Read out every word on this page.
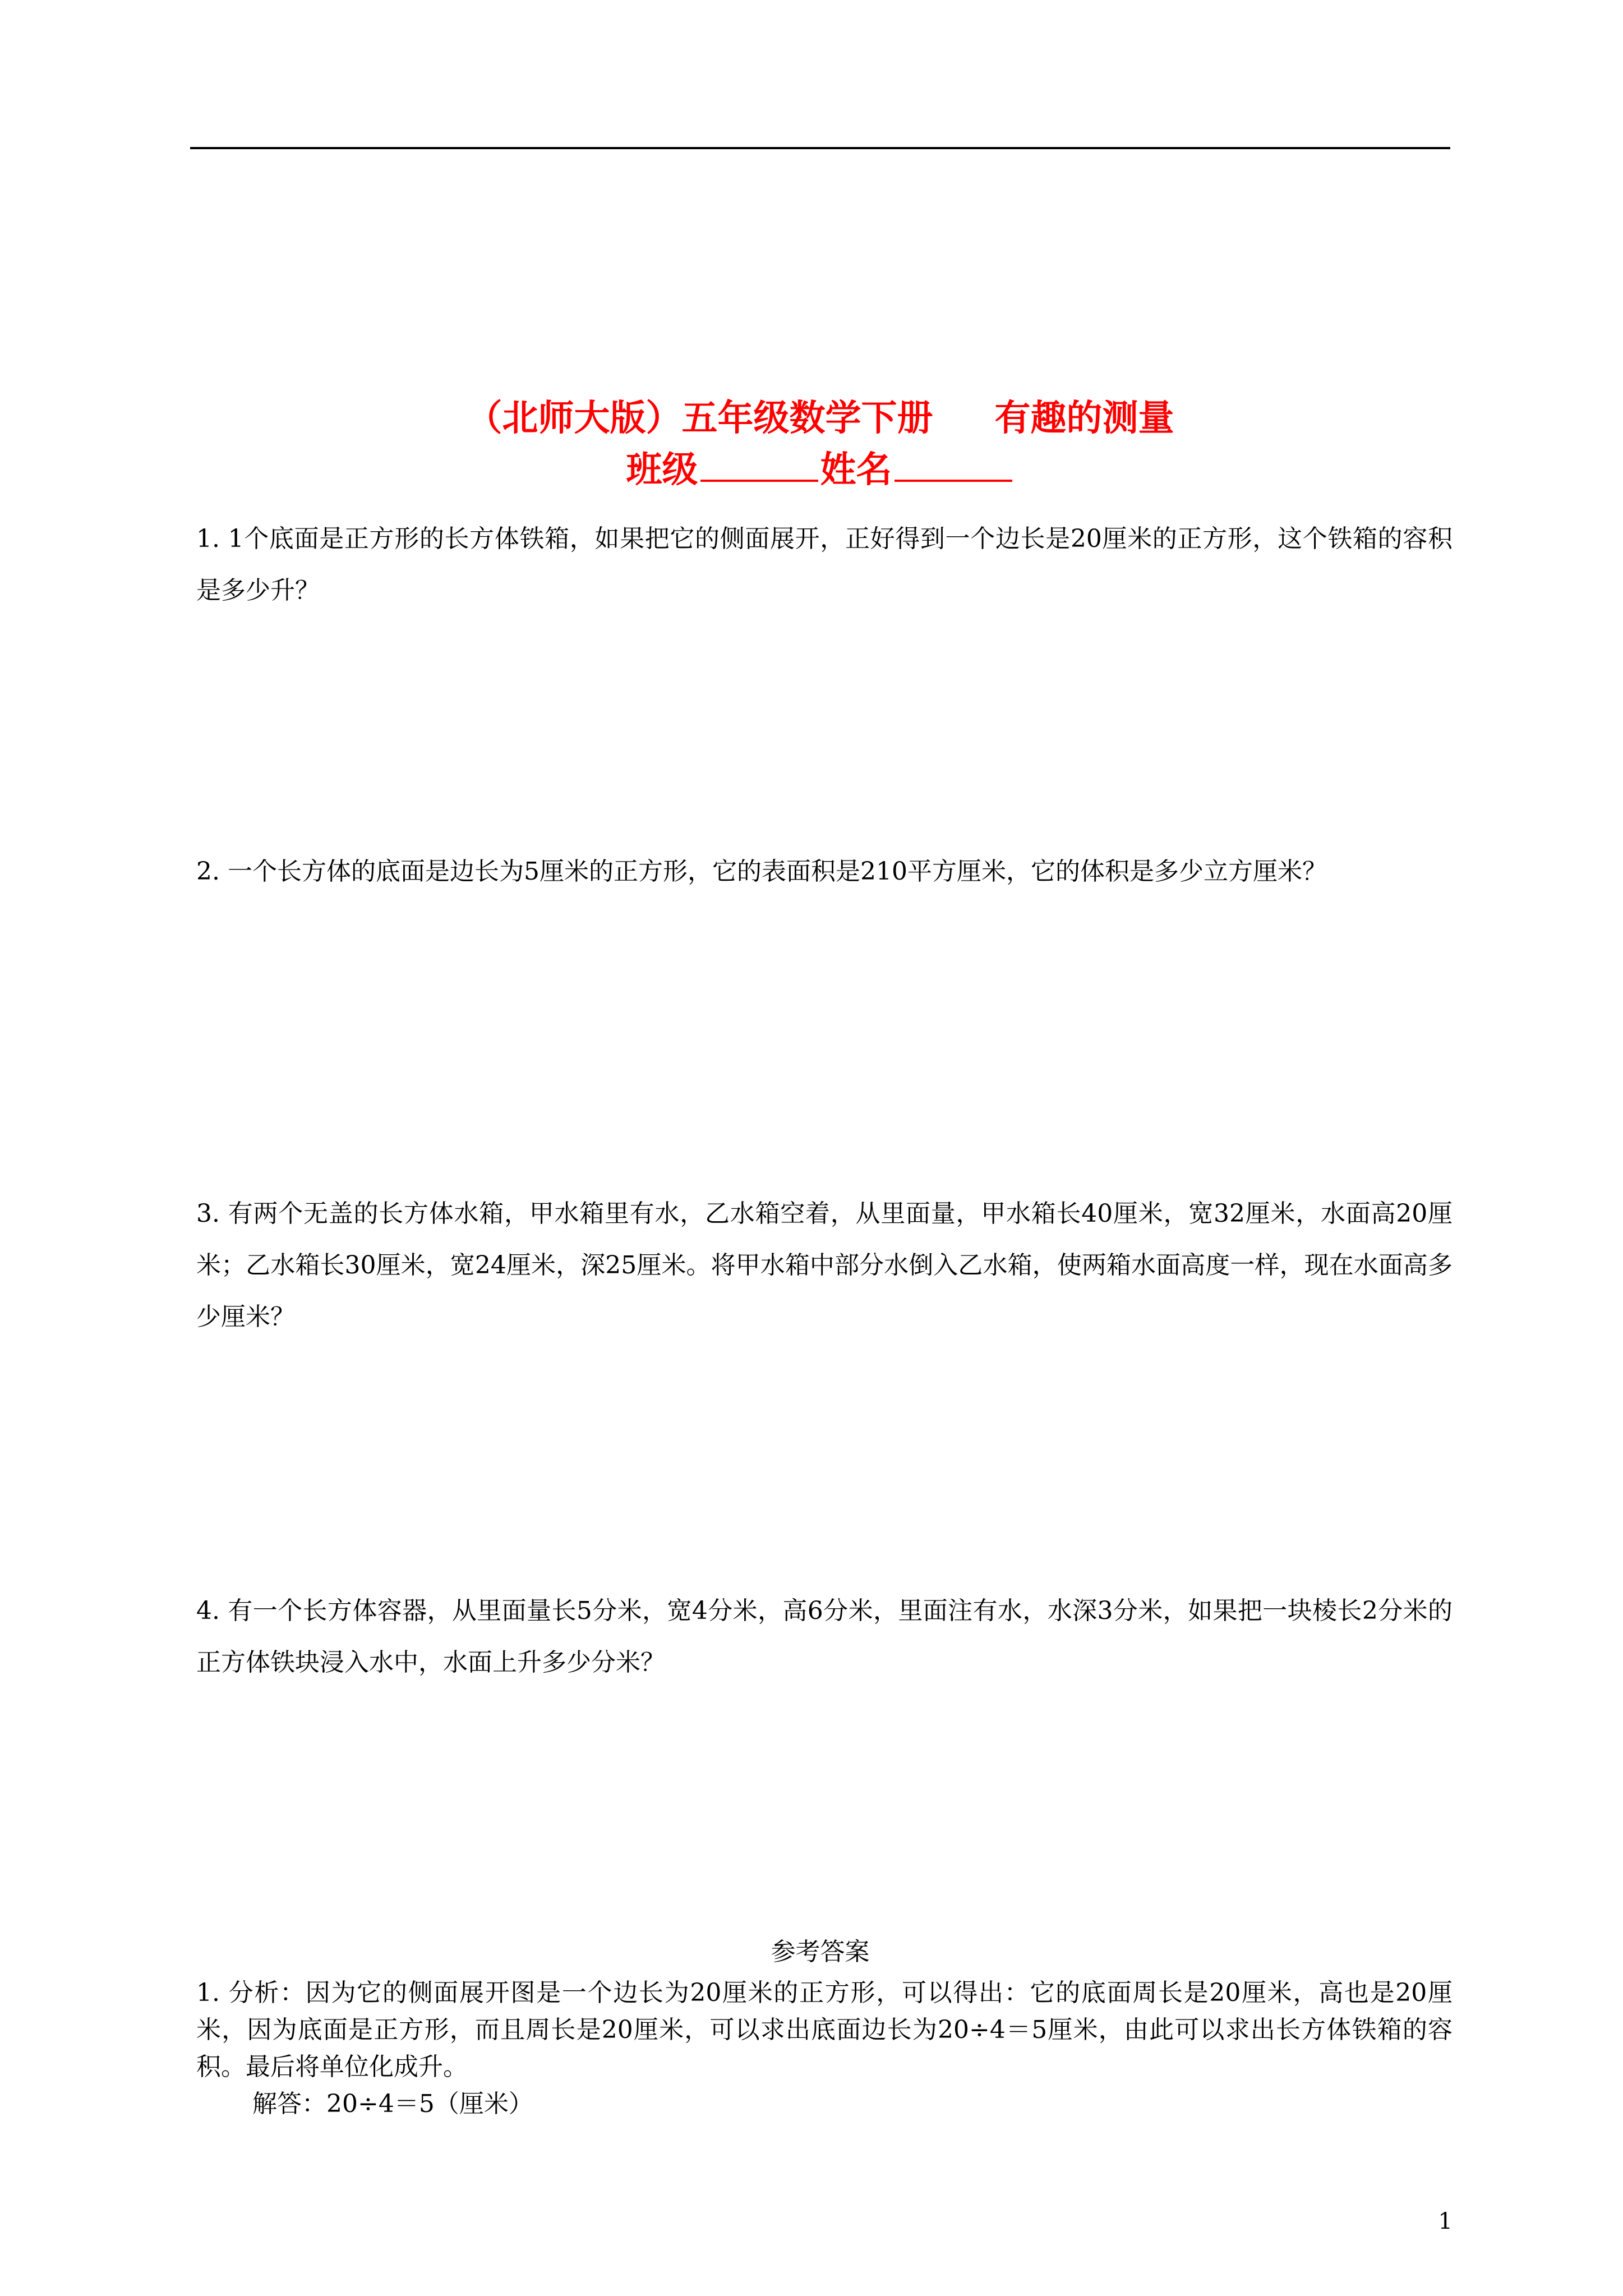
（北师大版）五年级数学下册 有趣的测量
班级	姓名
1. 1个底面是正方形的长方体铁箱，如果把它的侧面展开，正好得到一个边长是20厘米的正方形，这个铁箱的容积是多少升？
2. 一个长方体的底面是边长为5厘米的正方形，它的表面积是210平方厘米，它的体积是多少立方厘米？
3. 有两个无盖的长方体水箱，甲水箱里有水，乙水箱空着，从里面量，甲水箱长40厘米，宽32厘米，水面高20厘米；乙水箱长30厘米，宽24厘米，深25厘米。将甲水箱中部分水倒入乙水箱，使两箱水面高度一样，现在水面高多少厘米？
4. 有一个长方体容器，从里面量长5分米，宽4分米，高6分米，里面注有水，水深3分米，如果把一块棱长2分米的正方体铁块浸入水中，水面上升多少分米？
参考答案
1. 分析：因为它的侧面展开图是一个边长为20厘米的正方形，可以得出：它的底面周长是20厘米，高也是20厘米，因为底面是正方形，而且周长是20厘米，可以求出底面边长为20÷4＝5厘米，由此可以求出长方体铁箱的容积。最后将单位化成升。
解答：20÷4＝5（厘米）
1
